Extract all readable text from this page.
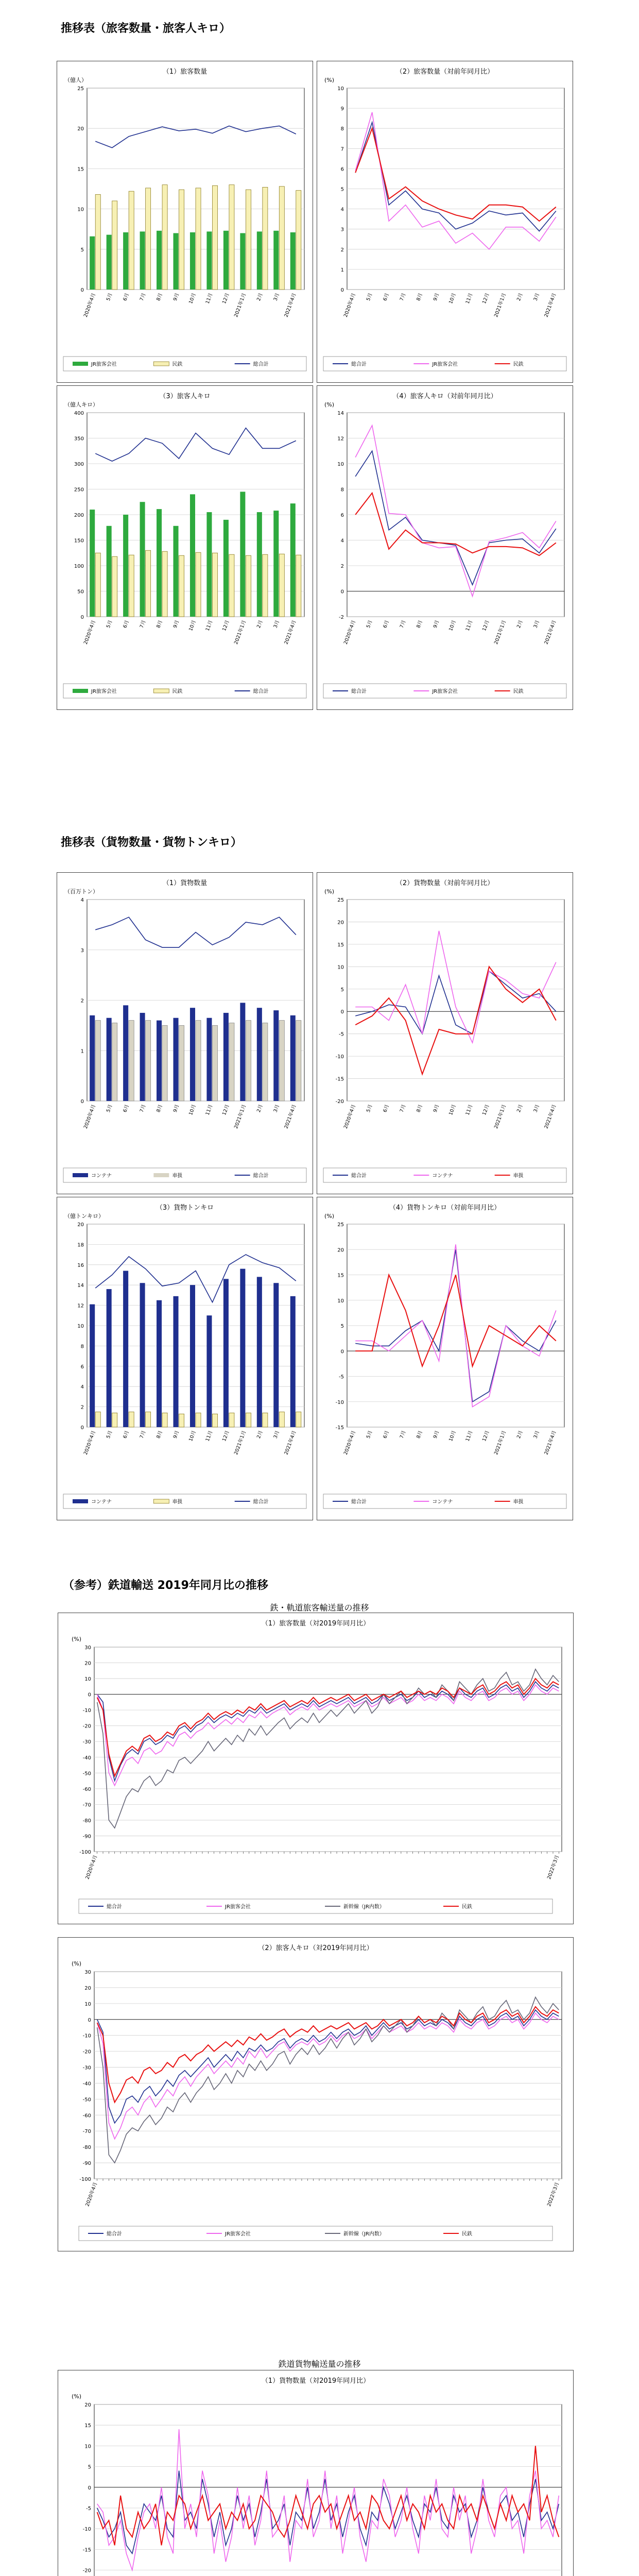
推移表（旅客数量・旅客人キロ）
推移表（貨物数量・貨物トンキロ）
（参考）鉄道輸送 2019年同月比の推移
鉄・軌道旅客輸送量の推移
鉄道貨物輸送量の推移
（1）旅客数量
（億人）
0
5
10
15
20
25
2020年4月 5月 6月 7月 8月 9月 10月 11月 12月 2021年1月 2月 3月 2021年4月
JR旅客会社	民鉄	総合計
（2）旅客数量（対前年同月比）
(%)
0
1
2
3
4
5
6
7
8
9
10
2020年4月 5月 6月 7月 8月 9月 10月 11月 12月 2021年1月 2月 3月 2021年4月
総合計	JR旅客会社	民鉄
（3）旅客人キロ
（億人キロ）
0
50
100
150
200
250
300
350
400
2020年4月 5月 6月 7月 8月 9月 10月 11月 12月 2021年1月 2月 3月 2021年4月
JR旅客会社	民鉄	総合計
（4）旅客人キロ（対前年同月比）
(%)
-2
0
2
4
6
8
10
12
14
2020年4月 5月 6月 7月 8月 9月 10月 11月 12月 2021年1月 2月 3月 2021年4月
総合計	JR旅客会社	民鉄
（1）貨物数量
（百万トン）
0
1
2
3
4
2020年4月 5月 6月 7月 8月 9月 10月 11月 12月 2021年1月 2月 3月 2021年4月
コンテナ	車扱	総合計
（2）貨物数量（対前年同月比）
(%)
-20
-15
-10
-5
0
5
10
15
20
25
2020年4月 5月 6月 7月 8月 9月 10月 11月 12月 2021年1月 2月 3月 2021年4月
総合計	コンテナ	車扱
（3）貨物トンキロ
（億トンキロ）
0
2
4
6
8
10
12
14
16
18
20
2020年4月 5月 6月 7月 8月 9月 10月 11月 12月 2021年1月 2月 3月 2021年4月
コンテナ	車扱	総合計
（4）貨物トンキロ（対前年同月比）
(%)
-15
-10
-5
0
5
10
15
20
25
2020年4月 5月 6月 7月 8月 9月 10月 11月 12月 2021年1月 2月 3月 2021年4月
総合計	コンテナ	車扱
（1）旅客数量（対2019年同月比）
(%)
-100
-90
-80
-70
-60
-50
-40
-30
-20
-10
0
10
20
30
2020年4月	2022年3月
総合計	JR旅客会社	新幹線（JR内数）	民鉄
（2）旅客人キロ（対2019年同月比）
(%)
-100
-90
-80
-70
-60
-50
-40
-30
-20
-10
0
10
20
30
2020年4月	2022年3月
総合計	JR旅客会社	新幹線（JR内数）	民鉄
（1）貨物数量（対2019年同月比）
(%)
-20
-15
-10
-5
0
5
10
15
20
